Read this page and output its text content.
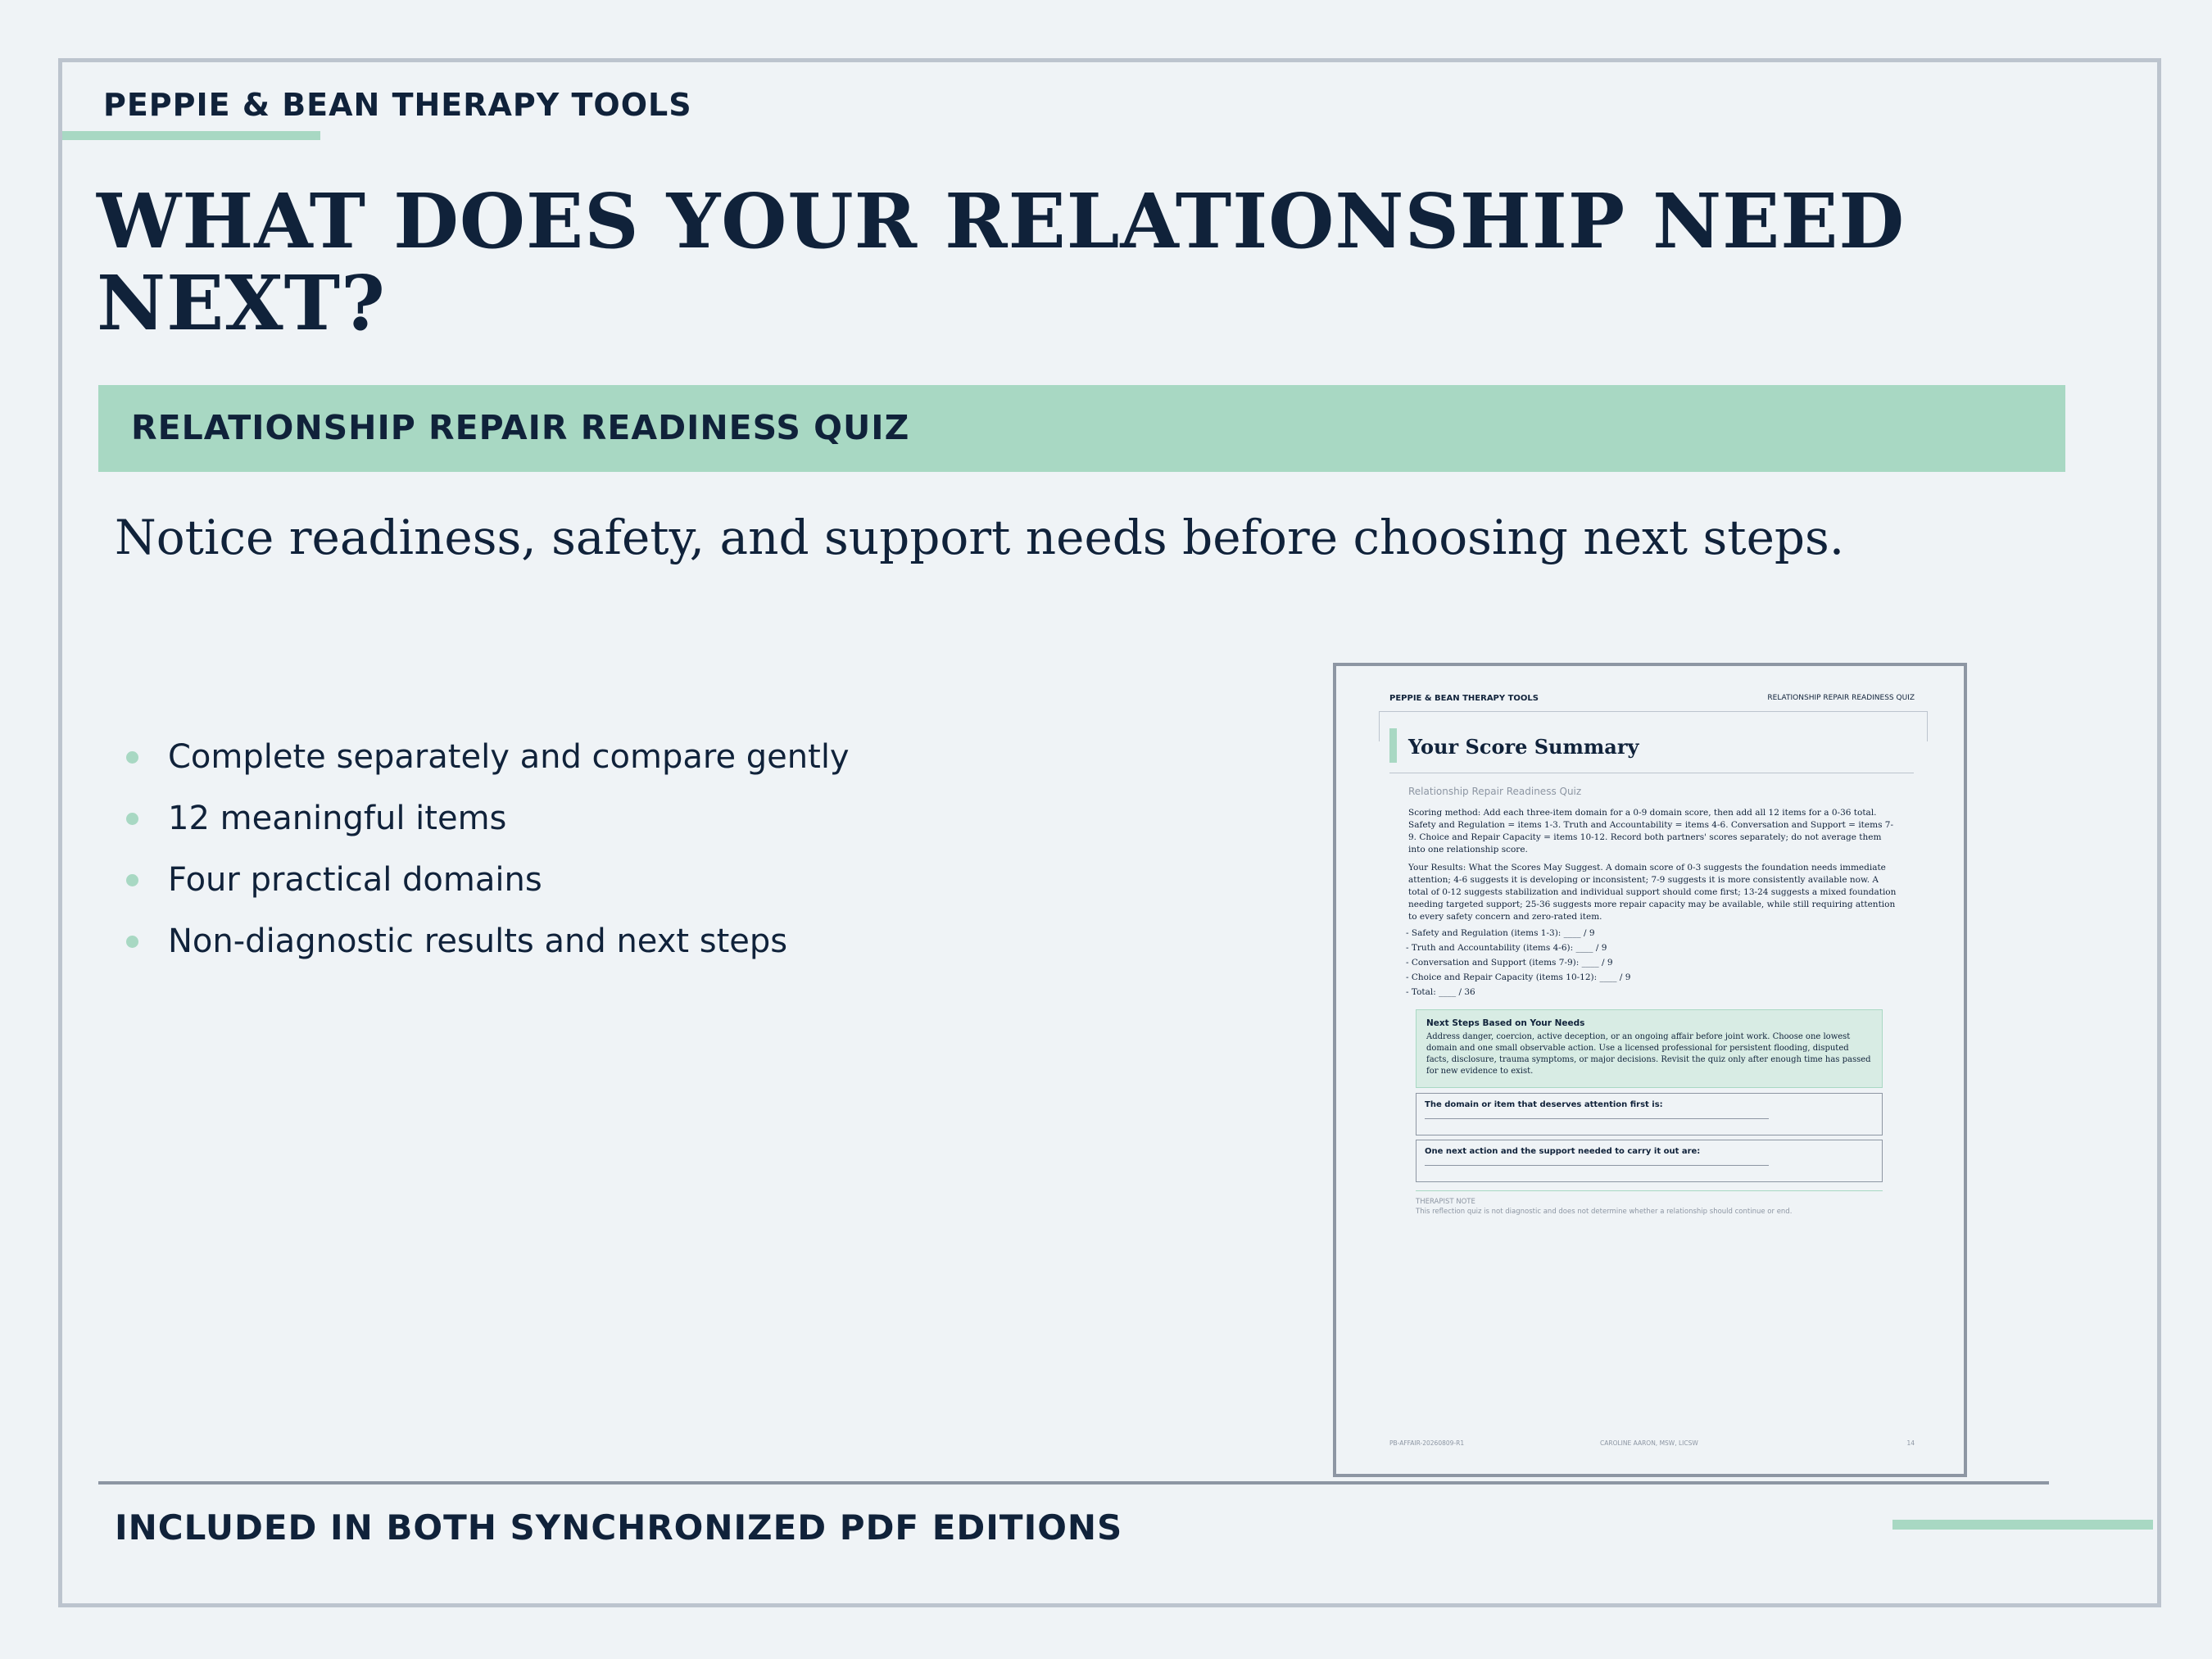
PEPPIE & BEAN THERAPY TOOLS
WHAT DOES YOUR RELATIONSHIP NEED NEXT?
RELATIONSHIP REPAIR READINESS QUIZ
Notice readiness, safety, and support needs before choosing next steps.
Complete separately and compare gently
12 meaningful items
Four practical domains
Non-diagnostic results and next steps
PEPPIE & BEAN THERAPY TOOLS	RELATIONSHIP REPAIR READINESS QUIZ
Your Score Summary
Relationship Repair Readiness Quiz
Scoring method: Add each three-item domain for a 0-9 domain score, then add all 12 items for a 0-36 total. Safety and Regulation = items 1-3. Truth and Accountability = items 4-6. Conversation and Support = items 7-9. Choice and Repair Capacity = items 10-12. Record both partners' scores separately; do not average them into one relationship score.
Your Results: What the Scores May Suggest. A domain score of 0-3 suggests the foundation needs immediate attention; 4-6 suggests it is developing or inconsistent; 7-9 suggests it is more consistently available now. A total of 0-12 suggests stabilization and individual support should come first; 13-24 suggests a mixed foundation needing targeted support; 25-36 suggests more repair capacity may be available, while still requiring attention to every safety concern and zero-rated item.
- Safety and Regulation (items 1-3): ____ / 9
- Truth and Accountability (items 4-6): ____ / 9
- Conversation and Support (items 7-9): ____ / 9
- Choice and Repair Capacity (items 10-12): ____ / 9
- Total: ____ / 36
Next Steps Based on Your Needs
Address danger, coercion, active deception, or an ongoing affair before joint work. Choose one lowest domain and one small observable action. Use a licensed professional for persistent flooding, disputed facts, disclosure, trauma symptoms, or major decisions. Revisit the quiz only after enough time has passed for new evidence to exist.
The domain or item that deserves attention first is:
One next action and the support needed to carry it out are:
THERAPIST NOTE
This reflection quiz is not diagnostic and does not determine whether a relationship should continue or end.
PB-AFFAIR-20260809-R1	CAROLINE AARON, MSW, LICSW	14
INCLUDED IN BOTH SYNCHRONIZED PDF EDITIONS
